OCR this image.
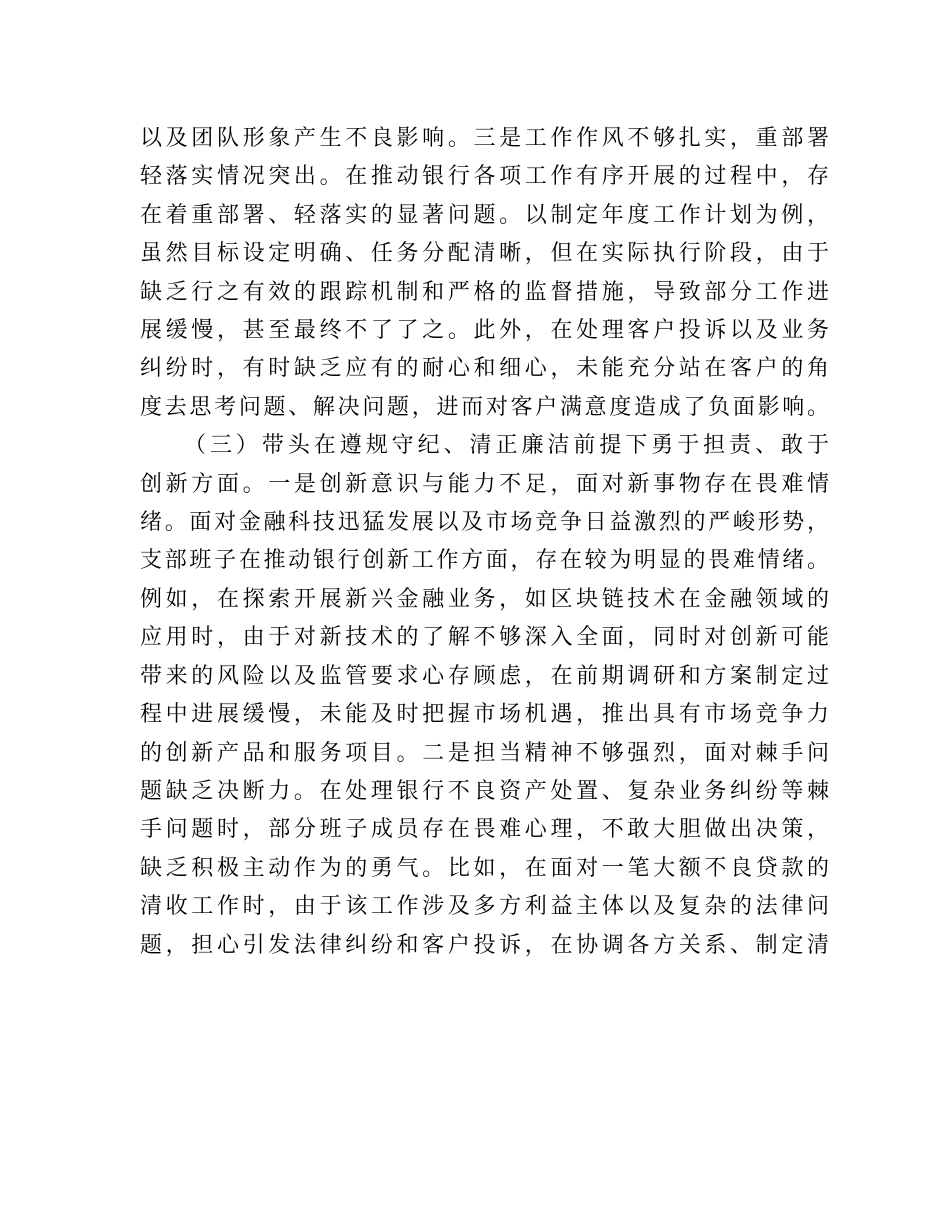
以及团队形象产生不良影响。三是工作作风不够扎实，重部署
轻落实情况突出。在推动银行各项工作有序开展的过程中，存
在着重部署、轻落实的显著问题。以制定年度工作计划为例，
虽然目标设定明确、任务分配清晰，但在实际执行阶段，由于
缺乏行之有效的跟踪机制和严格的监督措施，导致部分工作进
展缓慢，甚至最终不了了之。此外，在处理客户投诉以及业务
纠纷时，有时缺乏应有的耐心和细心，未能充分站在客户的角
度去思考问题、解决问题，进而对客户满意度造成了负面影响。
（三）带头在遵规守纪、清正廉洁前提下勇于担责、敢于
创新方面。一是创新意识与能力不足，面对新事物存在畏难情
绪。面对金融科技迅猛发展以及市场竞争日益激烈的严峻形势，
支部班子在推动银行创新工作方面，存在较为明显的畏难情绪。
例如，在探索开展新兴金融业务，如区块链技术在金融领域的
应用时，由于对新技术的了解不够深入全面，同时对创新可能
带来的风险以及监管要求心存顾虑，在前期调研和方案制定过
程中进展缓慢，未能及时把握市场机遇，推出具有市场竞争力
的创新产品和服务项目。二是担当精神不够强烈，面对棘手问
题缺乏决断力。在处理银行不良资产处置、复杂业务纠纷等棘
手问题时，部分班子成员存在畏难心理，不敢大胆做出决策，
缺乏积极主动作为的勇气。比如，在面对一笔大额不良贷款的
清收工作时，由于该工作涉及多方利益主体以及复杂的法律问
题，担心引发法律纠纷和客户投诉，在协调各方关系、制定清
